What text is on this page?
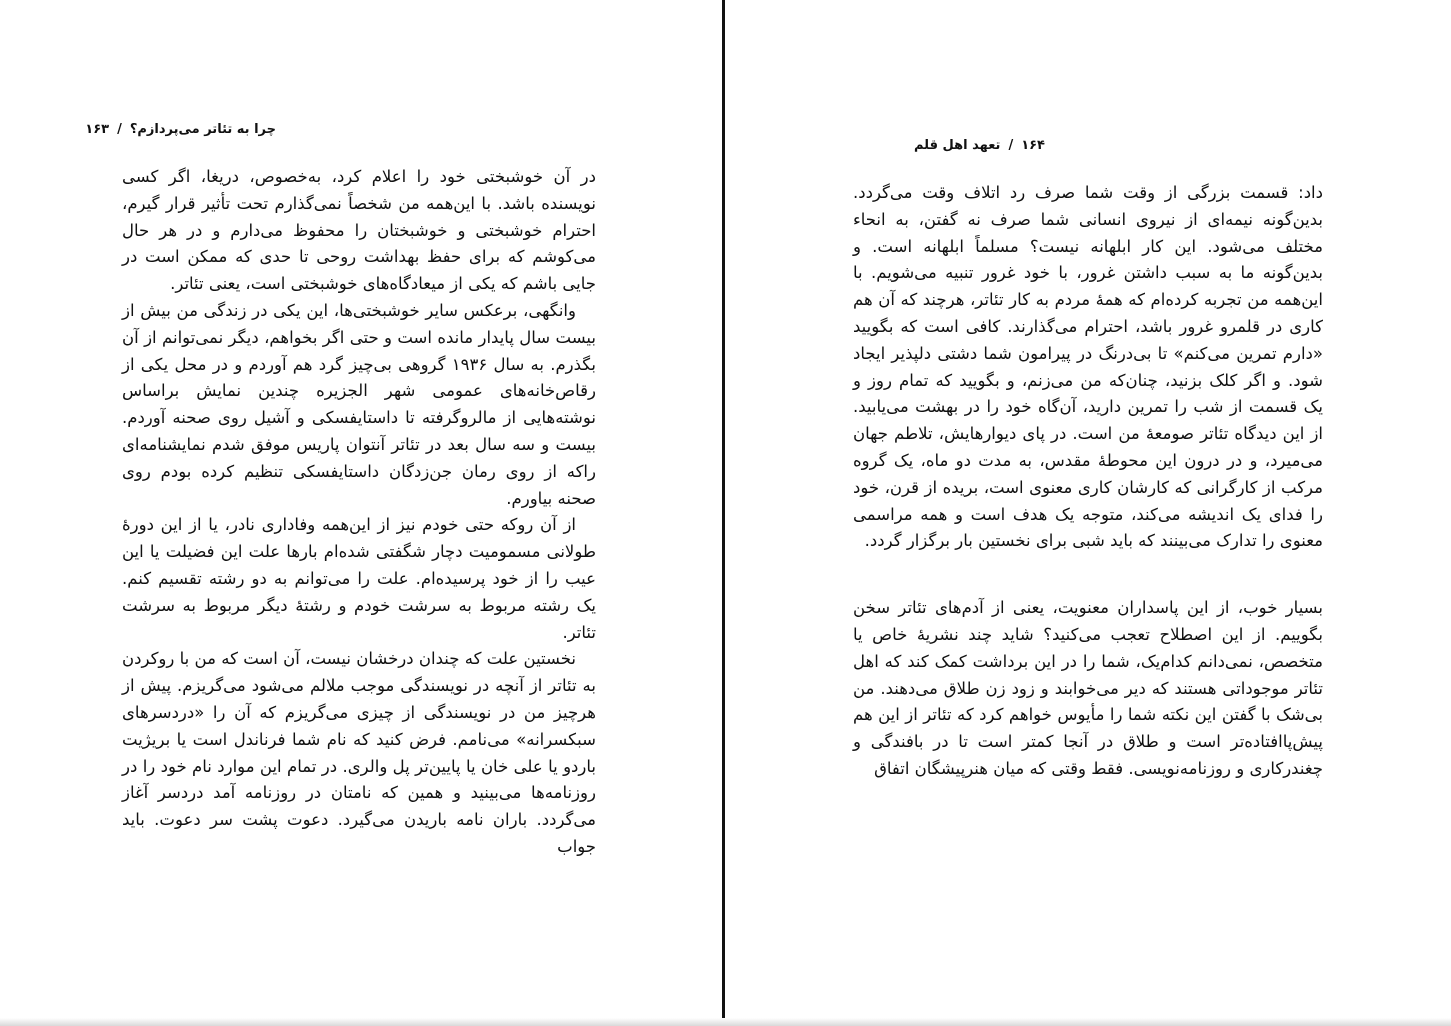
چرا به تئاتر می‌پردازم؟/۱۶۳

در آن خوشبختی خود را اعلام کرد، به‌خصوص، دریغا، اگر کسی نویسنده باشد. با این‌همه من شخصاً نمی‌گذارم تحت تأثیر قرار گیرم، احترام خوشبختی و خوشبختان را محفوظ می‌دارم و در هر حال می‌کوشم که برای حفظ بهداشت روحی تا حدی که ممکن است در جایی باشم که یکی از میعادگاه‌های خوشبختی است، یعنی تئاتر.

وانگهی، برعکس سایر خوشبختی‌ها، این یکی در زندگی من بیش از بیست سال پایدار مانده است و حتی اگر بخواهم، دیگر نمی‌توانم از آن بگذرم. به سال ۱۹۳۶ گروهی بی‌چیز گرد هم آوردم و در محل یکی از رقاص‌خانه‌های عمومی شهر الجزیره چندین نمایش براساس نوشته‌هایی از مالروگرفته تا داستایفسکی و آشیل روی صحنه آوردم. بیست و سه سال بعد در تئاتر آنتوان پاریس موفق شدم نمایشنامه‌ای راکه از روی رمان جن‌زدگان داستایفسکی تنظیم کرده بودم روی صحنه بیاورم.

از آن روکه حتی خودم نیز از این‌همه وفاداری نادر، یا از این دورهٔ طولانی مسمومیت دچار شگفتی شده‌ام بارها علت این فضیلت یا این عیب را از خود پرسیده‌ام. علت را می‌توانم به دو رشته تقسیم کنم. یک رشته مربوط به سرشت خودم و رشتهٔ دیگر مربوط به سرشت تئاتر.

نخستین علت که چندان درخشان نیست، آن است که من با روکردن به تئاتر از آنچه در نویسندگی موجب ملالم می‌شود می‌گریزم. پیش از هرچیز من در نویسندگی از چیزی می‌گریزم که آن را «دردسرهای سبکسرانه» می‌نامم. فرض کنید که نام شما فرناندل است یا بریژیت باردو یا علی خان یا پایین‌تر پل والری. در تمام این موارد نام خود را در روزنامه‌ها می‌بینید و همین که نامتان در روزنامه آمد دردسر آغاز می‌گردد. باران نامه باریدن می‌گیرد. دعوت پشت سر دعوت. باید جواب

۱۶۴/تعهد اهل قلم

داد: قسمت بزرگی از وقت شما صرف رد اتلاف وقت می‌گردد. بدین‌گونه نیمه‌ای از نیروی انسانی شما صرف نه گفتن، به انحاء مختلف می‌شود. این کار ابلهانه نیست؟ مسلماً ابلهانه است. و بدین‌گونه ما به سبب داشتن غرور، با خود غرور تنبیه می‌شویم. با این‌همه من تجربه کرده‌ام که همهٔ مردم به کار تئاتر، هرچند که آن هم کاری در قلمرو غرور باشد، احترام می‌گذارند. کافی است که بگویید «دارم تمرین می‌کنم» تا بی‌درنگ در پیرامون شما دشتی دلپذیر ایجاد شود. و اگر کلک بزنید، چنان‌که من می‌زنم، و بگویید که تمام روز و یک قسمت از شب را تمرین دارید، آن‌گاه خود را در بهشت می‌یابید. از این دیدگاه تئاتر صومعهٔ من است. در پای دیوارهایش، تلاطم جهان می‌میرد، و در درون این محوطهٔ مقدس، به مدت دو ماه، یک گروه مرکب از کارگرانی که کارشان کاری معنوی است، بریده از قرن، خود را فدای یک اندیشه می‌کند، متوجه یک هدف است و همه مراسمی معنوی را تدارک می‌بینند که باید شبی برای نخستین بار برگزار گردد.

بسیار خوب، از این پاسداران معنویت، یعنی از آدم‌های تئاتر سخن بگوییم. از این اصطلاح تعجب می‌کنید؟ شاید چند نشریهٔ خاص یا متخصص، نمی‌دانم کدام‌یک، شما را در این برداشت کمک کند که اهل تئاتر موجوداتی هستند که دیر می‌خوابند و زود زن طلاق می‌دهند. من بی‌شک با گفتن این نکته شما را مأیوس خواهم کرد که تئاتر از این هم پیش‌پاافتاده‌تر است و طلاق در آنجا کمتر است تا در بافندگی و چغندرکاری و روزنامه‌نویسی. فقط وقتی که میان هنرپیشگان اتفاق
